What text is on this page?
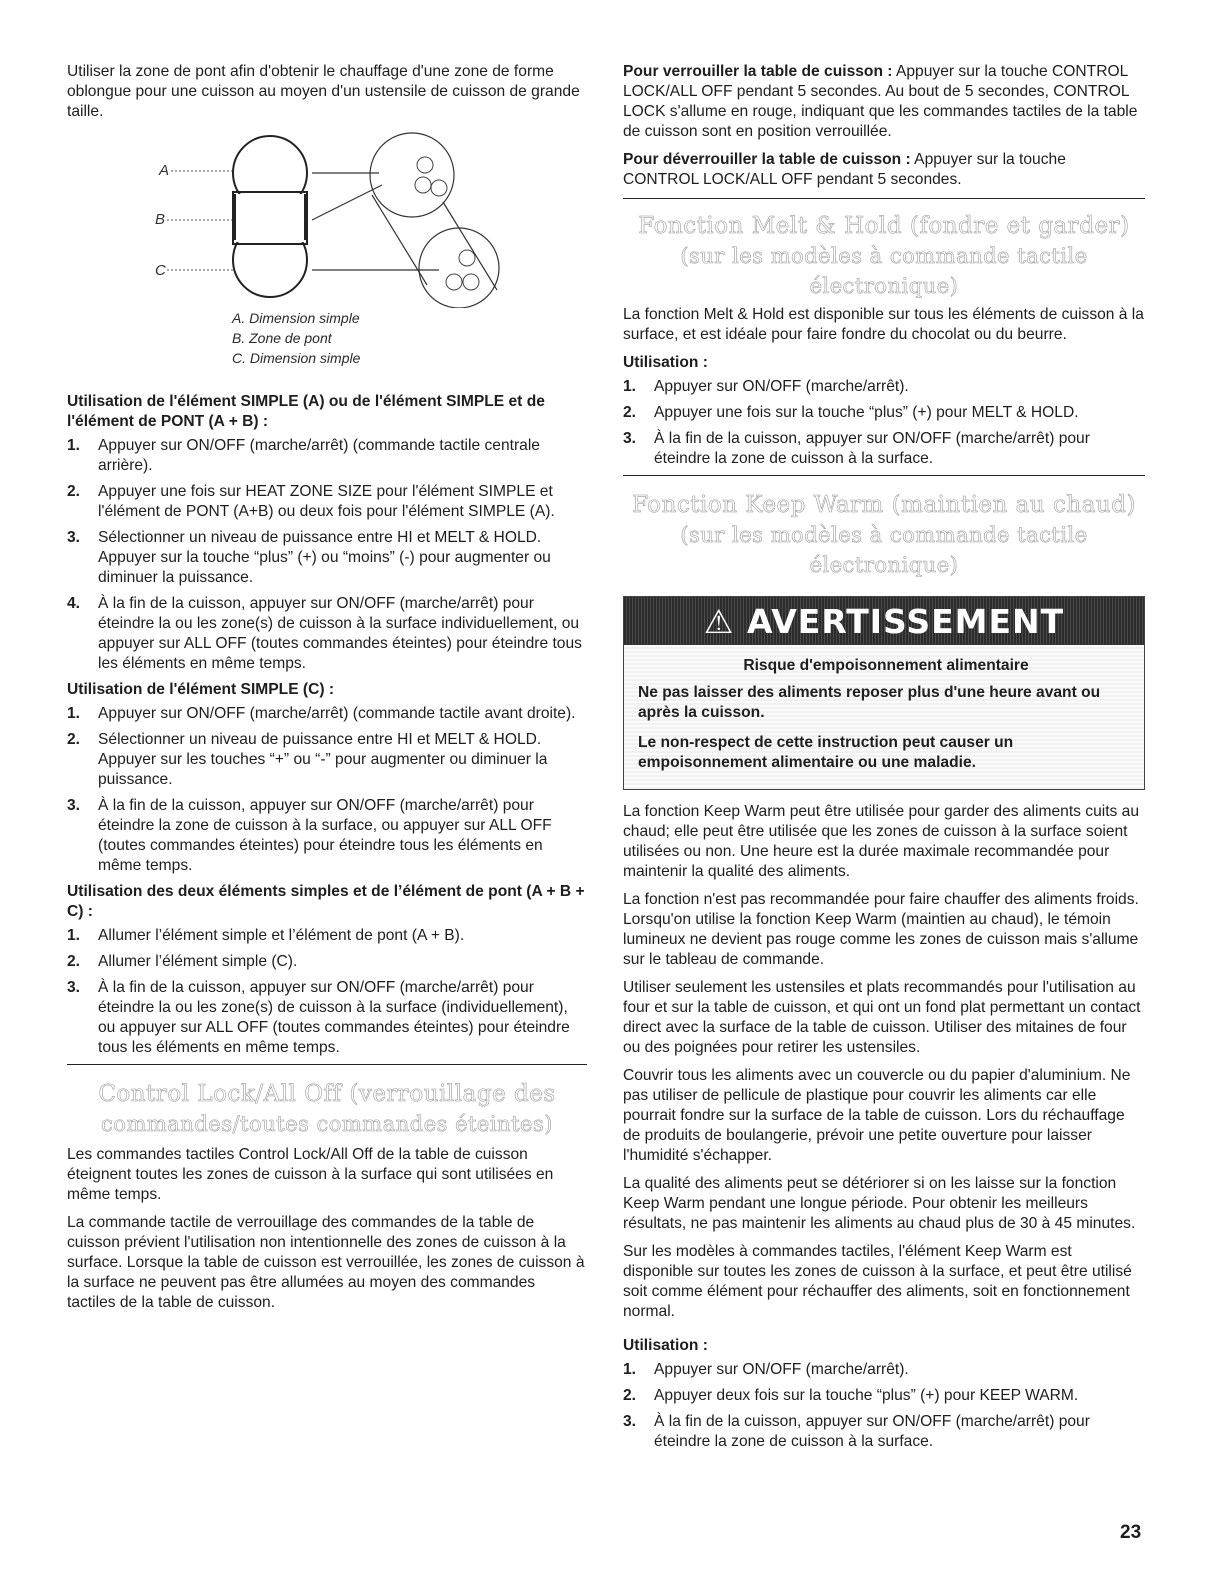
Utiliser la zone de pont afin d'obtenir le chauffage d'une zone de forme oblongue pour une cuisson au moyen d'un ustensile de cuisson de grande taille.

A
B
C
A. Dimension simple
B. Zone de pont
C. Dimension simple
Utilisation de l'élément SIMPLE (A) ou de l'élément SIMPLE et de l'élément de PONT (A + B) :
1. Appuyer sur ON/OFF (marche/arrêt) (commande tactile centrale arrière).
2. Appuyer une fois sur HEAT ZONE SIZE pour l'élément SIMPLE et l'élément de PONT (A+B) ou deux fois pour l'élément SIMPLE (A).
3. Sélectionner un niveau de puissance entre HI et MELT & HOLD. Appuyer sur la touche “plus” (+) ou “moins” (-) pour augmenter ou diminuer la puissance.
4. À la fin de la cuisson, appuyer sur ON/OFF (marche/arrêt) pour éteindre la ou les zone(s) de cuisson à la surface individuellement, ou appuyer sur ALL OFF (toutes commandes éteintes) pour éteindre tous les éléments en même temps.
Utilisation de l'élément SIMPLE (C) :
1. Appuyer sur ON/OFF (marche/arrêt) (commande tactile avant droite).
2. Sélectionner un niveau de puissance entre HI et MELT & HOLD. Appuyer sur les touches “+” ou “-” pour augmenter ou diminuer la puissance.
3. À la fin de la cuisson, appuyer sur ON/OFF (marche/arrêt) pour éteindre la zone de cuisson à la surface, ou appuyer sur ALL OFF (toutes commandes éteintes) pour éteindre tous les éléments en même temps.
Utilisation des deux éléments simples et de l’élément de pont (A + B + C) :
1. Allumer l’élément simple et l’élément de pont (A + B).
2. Allumer l’élément simple (C).
3. À la fin de la cuisson, appuyer sur ON/OFF (marche/arrêt) pour éteindre la ou les zone(s) de cuisson à la surface (individuellement), ou appuyer sur ALL OFF (toutes commandes éteintes) pour éteindre tous les éléments en même temps.
Control Lock/All Off (verrouillage des
commandes/toutes commandes éteintes)

Les commandes tactiles Control Lock/All Off de la table de cuisson éteignent toutes les zones de cuisson à la surface qui sont utilisées en même temps.

La commande tactile de verrouillage des commandes de la table de cuisson prévient l'utilisation non intentionnelle des zones de cuisson à la surface. Lorsque la table de cuisson est verrouillée, les zones de cuisson à la surface ne peuvent pas être allumées au moyen des commandes tactiles de la table de cuisson.

Pour verrouiller la table de cuisson : Appuyer sur la touche CONTROL LOCK/ALL OFF pendant 5 secondes. Au bout de 5 secondes, CONTROL LOCK s'allume en rouge, indiquant que les commandes tactiles de la table de cuisson sont en position verrouillée.

Pour déverrouiller la table de cuisson : Appuyer sur la touche CONTROL LOCK/ALL OFF pendant 5 secondes.

Fonction Melt & Hold (fondre et garder)
(sur les modèles à commande tactile électronique)

La fonction Melt & Hold est disponible sur tous les éléments de cuisson à la surface, et est idéale pour faire fondre du chocolat ou du beurre.

Utilisation :
1. Appuyer sur ON/OFF (marche/arrêt).
2. Appuyer une fois sur la touche “plus” (+) pour MELT & HOLD.
3. À la fin de la cuisson, appuyer sur ON/OFF (marche/arrêt) pour éteindre la zone de cuisson à la surface.
Fonction Keep Warm (maintien au chaud)
(sur les modèles à commande tactile électronique)
⚠ AVERTISSEMENT
Risque d'empoisonnement alimentaire

Ne pas laisser des aliments reposer plus d'une heure avant ou après la cuisson.

Le non-respect de cette instruction peut causer un empoisonnement alimentaire ou une maladie.

La fonction Keep Warm peut être utilisée pour garder des aliments cuits au chaud; elle peut être utilisée que les zones de cuisson à la surface soient utilisées ou non. Une heure est la durée maximale recommandée pour maintenir la qualité des aliments.

La fonction n'est pas recommandée pour faire chauffer des aliments froids. Lorsqu'on utilise la fonction Keep Warm (maintien au chaud), le témoin lumineux ne devient pas rouge comme les zones de cuisson mais s'allume sur le tableau de commande.

Utiliser seulement les ustensiles et plats recommandés pour l'utilisation au four et sur la table de cuisson, et qui ont un fond plat permettant un contact direct avec la surface de la table de cuisson. Utiliser des mitaines de four ou des poignées pour retirer les ustensiles.

Couvrir tous les aliments avec un couvercle ou du papier d'aluminium. Ne pas utiliser de pellicule de plastique pour couvrir les aliments car elle pourrait fondre sur la surface de la table de cuisson. Lors du réchauffage de produits de boulangerie, prévoir une petite ouverture pour laisser l'humidité s'échapper.

La qualité des aliments peut se détériorer si on les laisse sur la fonction Keep Warm pendant une longue période. Pour obtenir les meilleurs résultats, ne pas maintenir les aliments au chaud plus de 30 à 45 minutes.

Sur les modèles à commandes tactiles, l'élément Keep Warm est disponible sur toutes les zones de cuisson à la surface, et peut être utilisé soit comme élément pour réchauffer des aliments, soit en fonctionnement normal.

Utilisation :
1. Appuyer sur ON/OFF (marche/arrêt).
2. Appuyer deux fois sur la touche “plus” (+) pour KEEP WARM.
3. À la fin de la cuisson, appuyer sur ON/OFF (marche/arrêt) pour éteindre la zone de cuisson à la surface.
23
